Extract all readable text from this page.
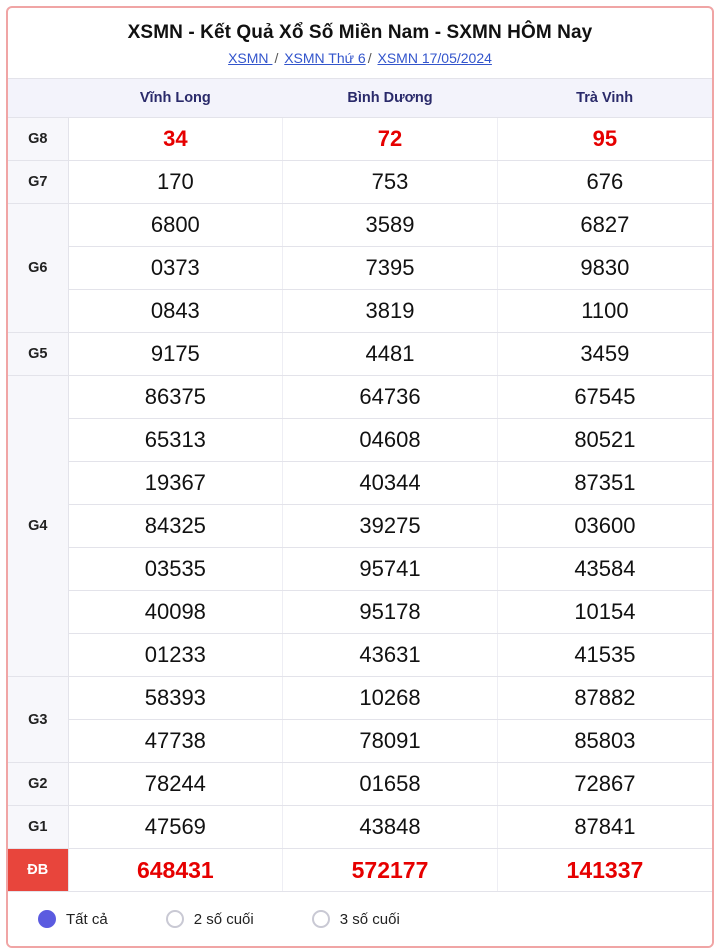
XSMN - Kết Quả Xổ Số Miền Nam - SXMN HÔM Nay
XSMN / XSMN Thứ 6 / XSMN 17/05/2024
	Vĩnh Long	Bình Dương	Trà Vinh
G8	34	72	95
G7	170	753	676
G6	6800	3589	6827
	0373	7395	9830
	0843	3819	1100
G5	9175	4481	3459
G4	86375	64736	67545
	65313	04608	80521
	19367	40344	87351
	84325	39275	03600
	03535	95741	43584
	40098	95178	10154
	01233	43631	41535
G3	58393	10268	87882
	47738	78091	85803
G2	78244	01658	72867
G1	47569	43848	87841
ĐB	648431	572177	141337
Tất cả	2 số cuối	3 số cuối
